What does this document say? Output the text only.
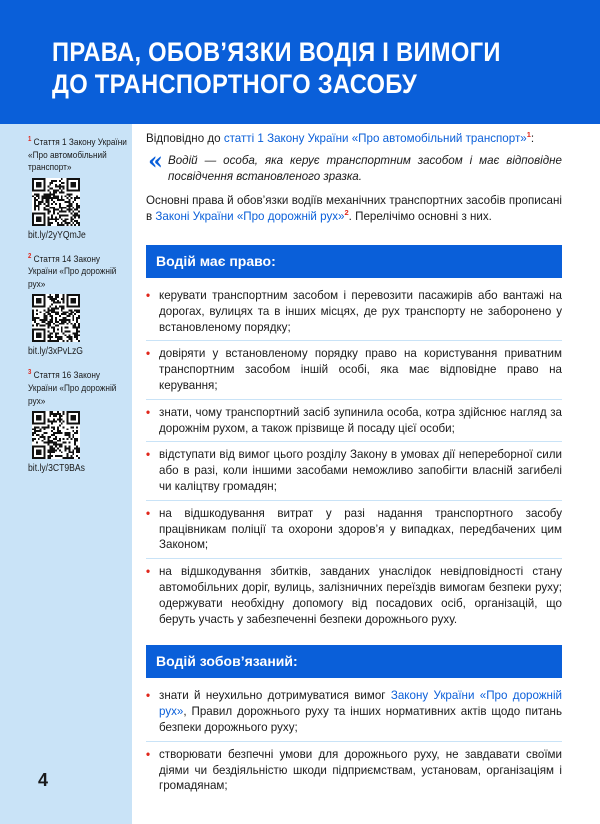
ПРАВА, ОБОВ’ЯЗКИ ВОДІЯ І ВИМОГИ
ДО ТРАНСПОРТНОГО ЗАСОБУ
$^1$ Стаття 1 Закону України «Про автомобільний транспорт»
bit.ly/2yYQmJe
$^2$ Стаття 14 Закону України «Про дорожній рух»
bit.ly/3xPvLzG
$^3$ Стаття 16 Закону України «Про дорожній рух»
bit.ly/3CT9BAs
4

Відповідно до статті 1 Закону України «Про автомобільний транспорт»$^1$:

« Водій — особа, яка керує транспортним засобом і має відповідне посвідчення встановленого зразка.

Основні права й обов’язки водіїв механічних транспортних засобів прописані в Законі України «Про дорожній рух»$^2$. Перелічімо основні з них.

Водій має право:
• керувати транспортним засобом і перевозити пасажирів або вантажі на дорогах, вулицях та в інших місцях, де рух транспорту не заборонено у встановленому порядку;
• довіряти у встановленому порядку право на користування приватним транспортним засобом іншій особі, яка має відповідне право на керування;
• знати, чому транспортний засіб зупинила особа, котра здійснює нагляд за дорожнім рухом, а також прізвище й посаду цієї особи;
• відступати від вимог цього розділу Закону в умовах дії непереборної сили або в разі, коли іншими засобами неможливо запобігти власній загибелі чи каліцтву громадян;
• на відшкодування витрат у разі надання транспортного засобу працівникам поліції та охорони здоров’я у випадках, передбачених цим Законом;
• на відшкодування збитків, завданих унаслідок невідповідності стану автомобільних доріг, вулиць, залізничних переїздів вимогам безпеки руху; одержувати необхідну допомогу від посадових осіб, організацій, що беруть участь у забезпеченні безпеки дорожнього руху.
Водій зобов’язаний:
• знати й неухильно дотримуватися вимог Закону України «Про дорожній рух», Правил дорожнього руху та інших нормативних актів щодо питань безпеки дорожнього руху;
• створювати безпечні умови для дорожнього руху, не завдавати своїми діями чи бездіяльністю шкоди підприємствам, установам, організаціям і громадянам;
